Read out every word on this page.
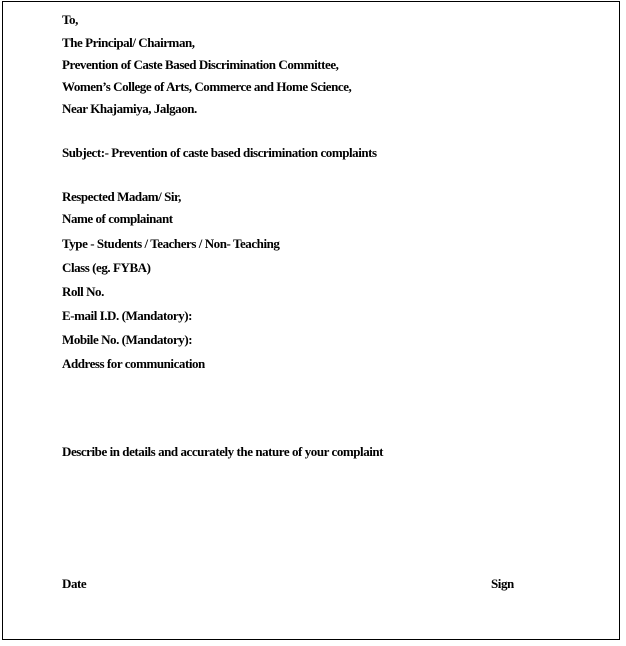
To,
The Principal/ Chairman,
Prevention of Caste Based Discrimination Committee,
Women’s College of Arts, Commerce and Home Science,
Near Khajamiya, Jalgaon.
Subject:- Prevention of caste based discrimination complaints
Respected Madam/ Sir,
Name of complainant
Type - Students / Teachers / Non- Teaching
Class (eg. FYBA)
Roll No.
E-mail I.D. (Mandatory):
Mobile No. (Mandatory):
Address for communication
Describe in details and accurately the nature of your complaint
Date	Sign
